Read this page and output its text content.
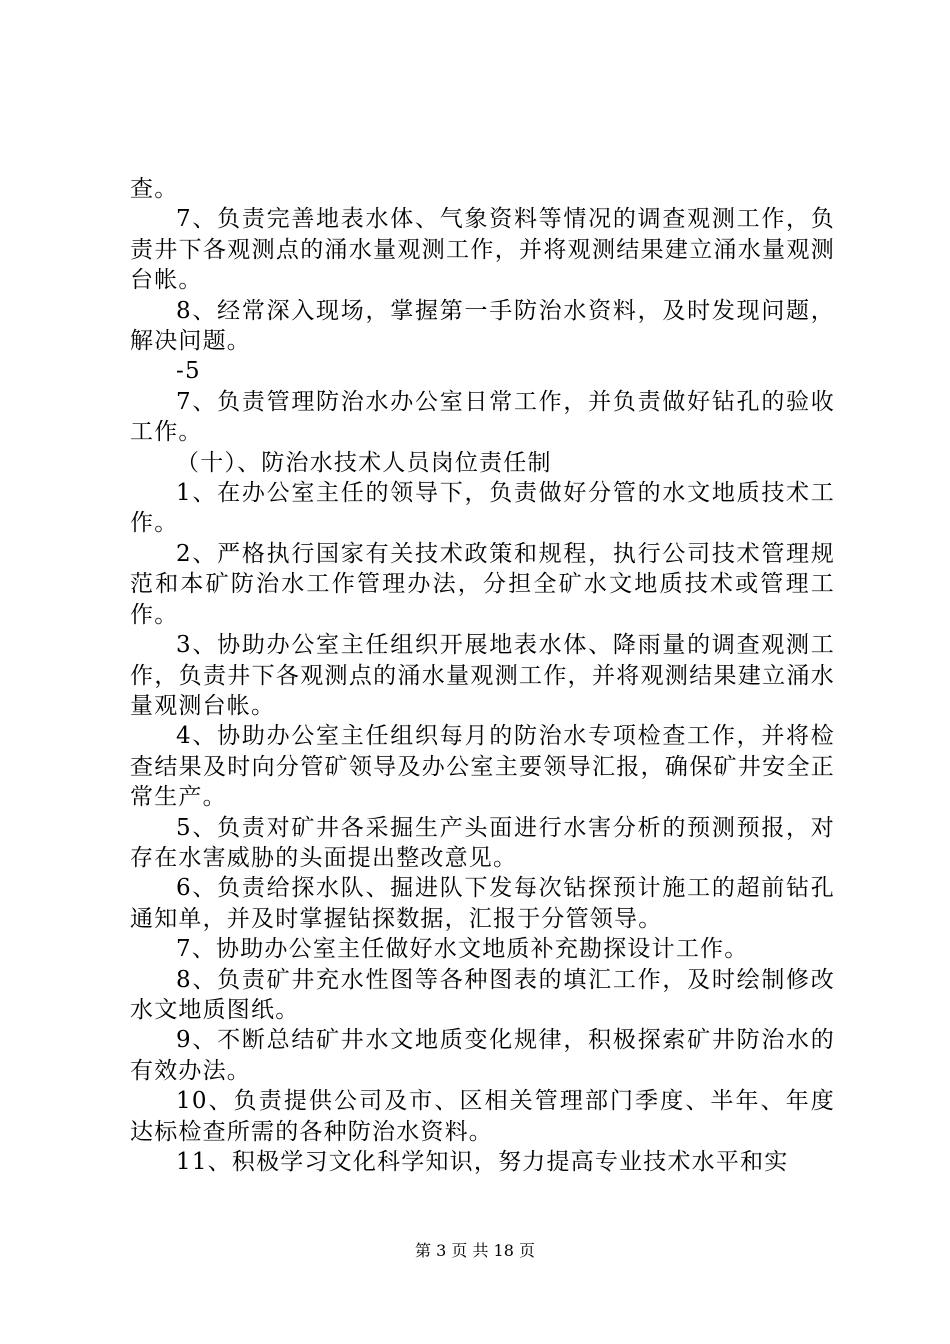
查。

7、负责完善地表水体、气象资料等情况的调查观测工作，负责井下各观测点的涌水量观测工作，并将观测结果建立涌水量观测台帐。

8、经常深入现场，掌握第一手防治水资料，及时发现问题，解决问题。

-5

7、负责管理防治水办公室日常工作，并负责做好钻孔的验收工作。

（十）、防治水技术人员岗位责任制

1、在办公室主任的领导下，负责做好分管的水文地质技术工作。

2、严格执行国家有关技术政策和规程，执行公司技术管理规范和本矿防治水工作管理办法，分担全矿水文地质技术或管理工作。

3、协助办公室主任组织开展地表水体、降雨量的调查观测工作，负责井下各观测点的涌水量观测工作，并将观测结果建立涌水量观测台帐。

4、协助办公室主任组织每月的防治水专项检查工作，并将检查结果及时向分管矿领导及办公室主要领导汇报，确保矿井安全正常生产。

5、负责对矿井各采掘生产头面进行水害分析的预测预报，对存在水害威胁的头面提出整改意见。

6、负责给探水队、掘进队下发每次钻探预计施工的超前钻孔通知单，并及时掌握钻探数据，汇报于分管领导。

7、协助办公室主任做好水文地质补充勘探设计工作。

8、负责矿井充水性图等各种图表的填汇工作，及时绘制修改水文地质图纸。

9、不断总结矿井水文地质变化规律，积极探索矿井防治水的有效办法。

10、负责提供公司及市、区相关管理部门季度、半年、年度达标检查所需的各种防治水资料。

11、积极学习文化科学知识，努力提高专业技术水平和实

第 3 页 共 18 页
